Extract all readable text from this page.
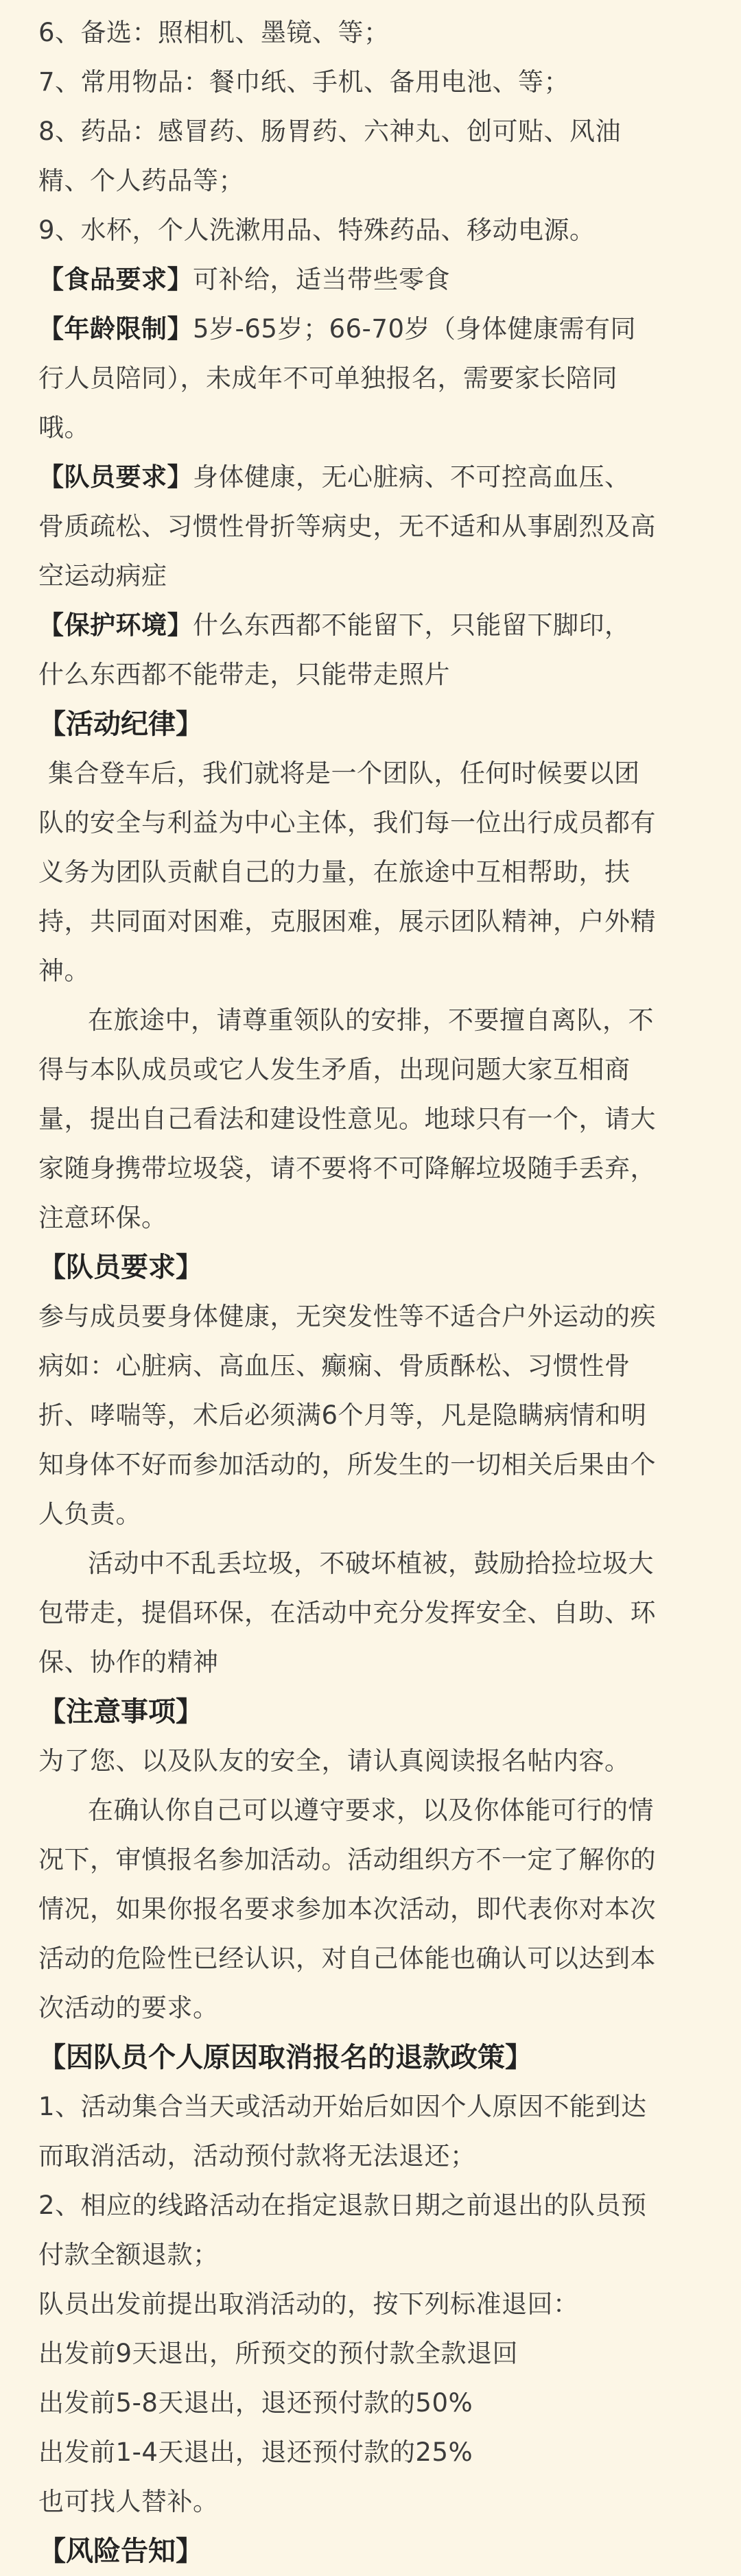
6、备选：照相机、墨镜、等；
7、常用物品：餐巾纸、手机、备用电池、等；
8、药品：感冒药、肠胃药、六神丸、创可贴、风油
精、个人药品等；
9、水杯，个人洗漱用品、特殊药品、移动电源。
【食品要求】可补给，适当带些零食
【年龄限制】5岁-65岁；66-70岁（身体健康需有同
行人员陪同），未成年不可单独报名，需要家长陪同
哦。
【队员要求】身体健康，无心脏病、不可控高血压、
骨质疏松、习惯性骨折等病史，无不适和从事剧烈及高
空运动病症
【保护环境】什么东西都不能留下，只能留下脚印，
什么东西都不能带走，只能带走照片
【活动纪律】
集合登车后，我们就将是一个团队，任何时候要以团
队的安全与利益为中心主体，我们每一位出行成员都有
义务为团队贡献自己的力量，在旅途中互相帮助，扶
持，共同面对困难，克服困难，展示团队精神，户外精
神。
在旅途中，请尊重领队的安排，不要擅自离队，不
得与本队成员或它人发生矛盾，出现问题大家互相商
量，提出自己看法和建设性意见。地球只有一个，请大
家随身携带垃圾袋，请不要将不可降解垃圾随手丢弃，
注意环保。
【队员要求】
参与成员要身体健康，无突发性等不适合户外运动的疾
病如：心脏病、高血压、癫痫、骨质酥松、习惯性骨
折、哮喘等，术后必须满6个月等，凡是隐瞒病情和明
知身体不好而参加活动的，所发生的一切相关后果由个
人负责。
活动中不乱丢垃圾，不破坏植被，鼓励拾捡垃圾大
包带走，提倡环保，在活动中充分发挥安全、自助、环
保、协作的精神
【注意事项】
为了您、以及队友的安全，请认真阅读报名帖内容。
在确认你自己可以遵守要求，以及你体能可行的情
况下，审慎报名参加活动。活动组织方不一定了解你的
情况，如果你报名要求参加本次活动，即代表你对本次
活动的危险性已经认识，对自己体能也确认可以达到本
次活动的要求。
【因队员个人原因取消报名的退款政策】
1、活动集合当天或活动开始后如因个人原因不能到达
而取消活动，活动预付款将无法退还；
2、相应的线路活动在指定退款日期之前退出的队员预
付款全额退款；
队员出发前提出取消活动的，按下列标准退回：
出发前9天退出，所预交的预付款全款退回
出发前5-8天退出，退还预付款的50%
出发前1-4天退出，退还预付款的25%
也可找人替补。
【风险告知】
